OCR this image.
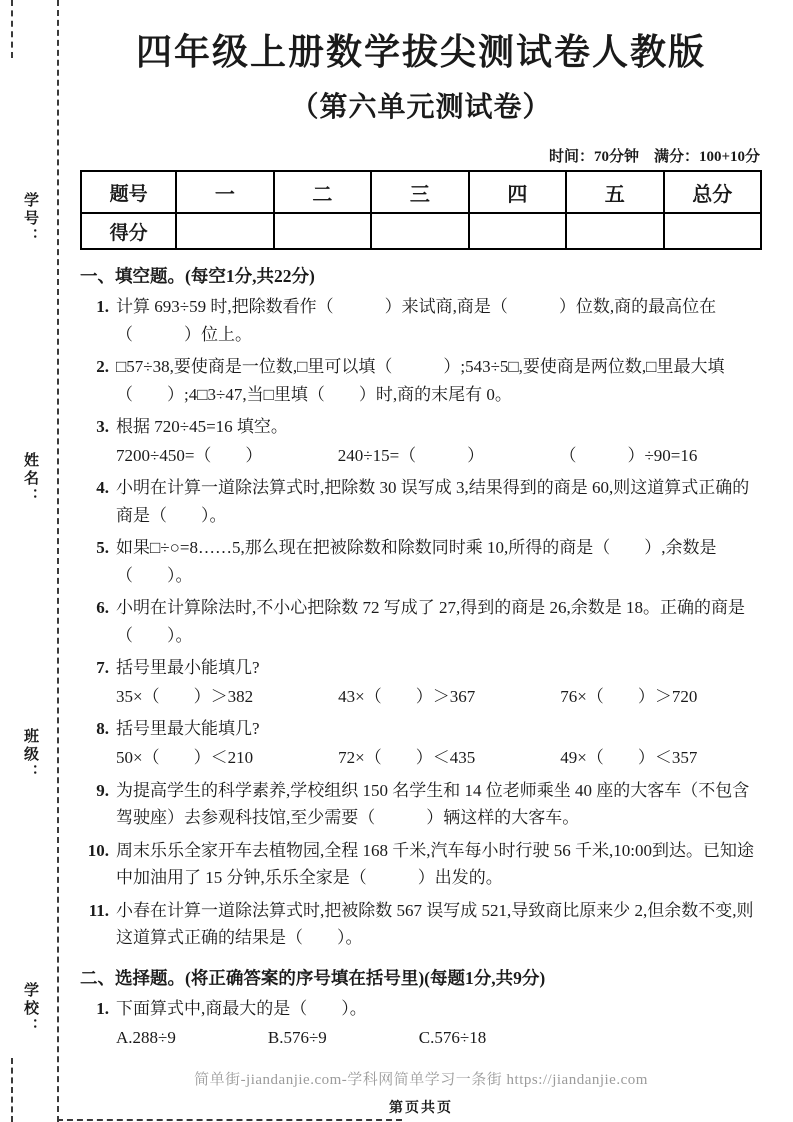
学号：
姓名：
班级：
学校：
四年级上册数学拔尖测试卷人教版
（第六单元测试卷）
时间：70分钟　满分：100+10分
题号	一	二	三	四	五	总分
得分						
一、填空题。(每空1分,共22分)
1. 计算 693÷59 时,把除数看作（　　　）来试商,商是（　　　）位数,商的最高位在（　　　）位上。
2. □57÷38,要使商是一位数,□里可以填（　　　）;543÷5□,要使商是两位数,□里最大填（　　）;4□3÷47,当□里填（　　）时,商的末尾有 0。
3. 根据 720÷45=16 填空。
7200÷450=（　　）	240÷15=（　　　）	（　　　）÷90=16
4. 小明在计算一道除法算式时,把除数 30 误写成 3,结果得到的商是 60,则这道算式正确的商是（　　）。
5. 如果□÷○=8……5,那么现在把被除数和除数同时乘 10,所得的商是（　　）,余数是（　　）。
6. 小明在计算除法时,不小心把除数 72 写成了 27,得到的商是 26,余数是 18。正确的商是（　　）。
7. 括号里最小能填几?
35×（　　）＞382	43×（　　）＞367	76×（　　）＞720
8. 括号里最大能填几?
50×（　　）＜210	72×（　　）＜435	49×（　　）＜357
9. 为提高学生的科学素养,学校组织 150 名学生和 14 位老师乘坐 40 座的大客车（不包含驾驶座）去参观科技馆,至少需要（　　　）辆这样的大客车。
10. 周末乐乐全家开车去植物园,全程 168 千米,汽车每小时行驶 56 千米,10:00到达。已知途中加油用了 15 分钟,乐乐全家是（　　　）出发的。
11. 小春在计算一道除法算式时,把被除数 567 误写成 521,导致商比原来少 2,但余数不变,则这道算式正确的结果是（　　）。
二、选择题。(将正确答案的序号填在括号里)(每题1分,共9分)
1. 下面算式中,商最大的是（　　）。
A.288÷9	B.576÷9	C.576÷18
简单街-jiandanjie.com-学科网简单学习一条街 https://jiandanjie.com
第页共页
